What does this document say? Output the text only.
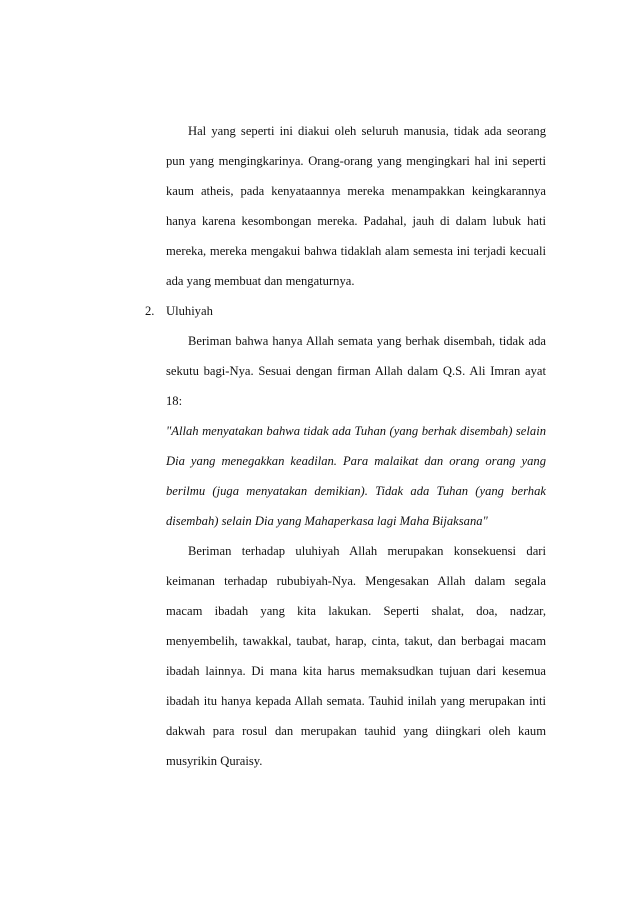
Hal yang seperti ini diakui oleh seluruh manusia, tidak ada seorang pun yang mengingkarinya. Orang-orang yang mengingkari hal ini seperti kaum atheis, pada kenyataannya mereka menampakkan keingkarannya hanya karena kesombongan mereka. Padahal, jauh di dalam lubuk hati mereka, mereka mengakui bahwa tidaklah alam semesta ini terjadi kecuali ada yang membuat dan mengaturnya.

2. Uluhiyah

Beriman bahwa hanya Allah semata yang berhak disembah, tidak ada sekutu bagi-Nya. Sesuai dengan firman Allah dalam Q.S. Ali Imran ayat 18:

"Allah menyatakan bahwa tidak ada Tuhan (yang berhak disembah) selain Dia yang menegakkan keadilan. Para malaikat dan orang orang yang berilmu (juga menyatakan demikian). Tidak ada Tuhan (yang berhak disembah) selain Dia yang Mahaperkasa lagi Maha Bijaksana"

Beriman terhadap uluhiyah Allah merupakan konsekuensi dari keimanan terhadap rububiyah-Nya. Mengesakan Allah dalam segala macam ibadah yang kita lakukan. Seperti shalat, doa, nadzar, menyembelih, tawakkal, taubat, harap, cinta, takut, dan berbagai macam ibadah lainnya. Di mana kita harus memaksudkan tujuan dari kesemua ibadah itu hanya kepada Allah semata. Tauhid inilah yang merupakan inti dakwah para rosul dan merupakan tauhid yang diingkari oleh kaum musyrikin Quraisy.
